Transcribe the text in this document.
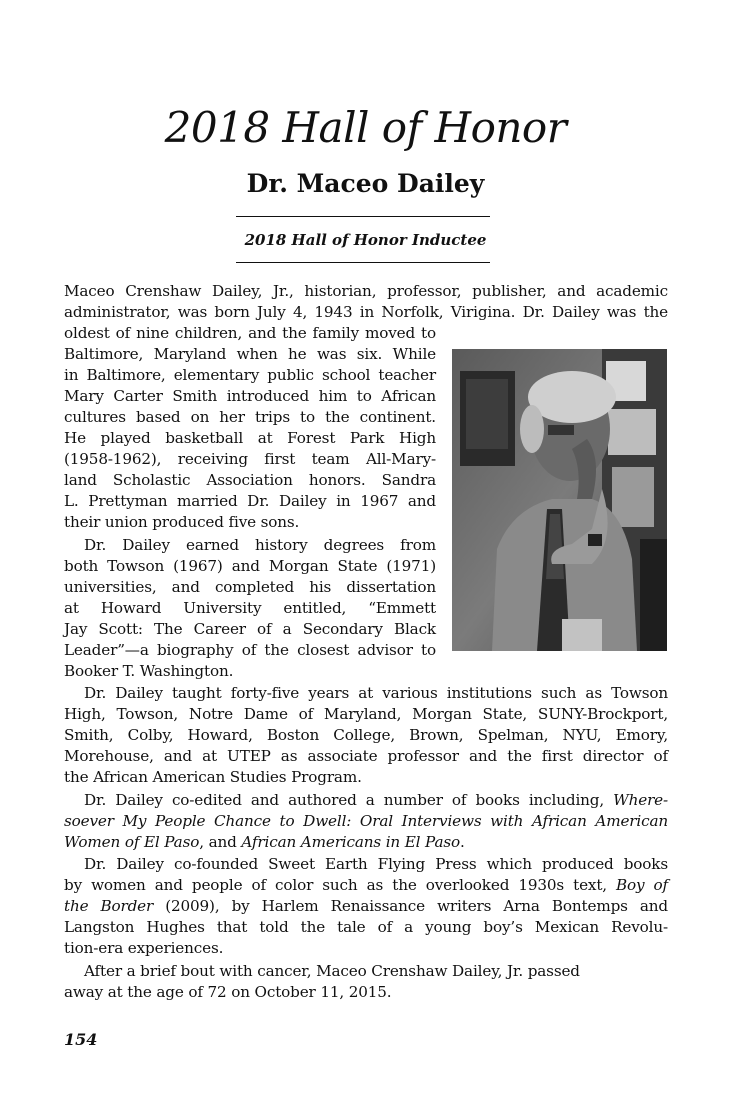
2018 Hall of Honor
Dr. Maceo Dailey
2018 Hall of Honor Inductee
Maceo Crenshaw Dailey, Jr., historian, professor, publisher, and academic
administrator, was born July 4, 1943 in Norfolk, Virigina. Dr. Dailey was the
oldest of nine children, and the family moved to
Baltimore, Maryland when he was six. While
in Baltimore, elementary public school teacher
Mary Carter Smith introduced him to African
cultures based on her trips to the continent.
He played basketball at Forest Park High
(1958-1962), receiving first team All-Mary-
land Scholastic Association honors. Sandra
L. Prettyman married Dr. Dailey in 1967 and
their union produced five sons.
Dr. Dailey earned history degrees from
both Towson (1967) and Morgan State (1971)
universities, and completed his dissertation
at Howard University entitled, “Emmett
Jay Scott: The Career of a Secondary Black
Leader”—a biography of the closest advisor to
Booker T. Washington.
Dr. Dailey taught forty-five years at various institutions such as Towson
High, Towson, Notre Dame of Maryland, Morgan State, SUNY-Brockport,
Smith, Colby, Howard, Boston College, Brown, Spelman, NYU, Emory,
Morehouse, and at UTEP as associate professor and the first director of
the African American Studies Program.
Dr. Dailey co-edited and authored a number of books including, Where-
soever My People Chance to Dwell: Oral Interviews with African American
Women of El Paso, and African Americans in El Paso.
Dr. Dailey co-founded Sweet Earth Flying Press which produced books
by women and people of color such as the overlooked 1930s text, Boy of
the Border (2009), by Harlem Renaissance writers Arna Bontemps and
Langston Hughes that told the tale of a young boy’s Mexican Revolu-
tion-era experiences.
After a brief bout with cancer, Maceo Crenshaw Dailey, Jr. passed
away at the age of 72 on October 11, 2015.
154
